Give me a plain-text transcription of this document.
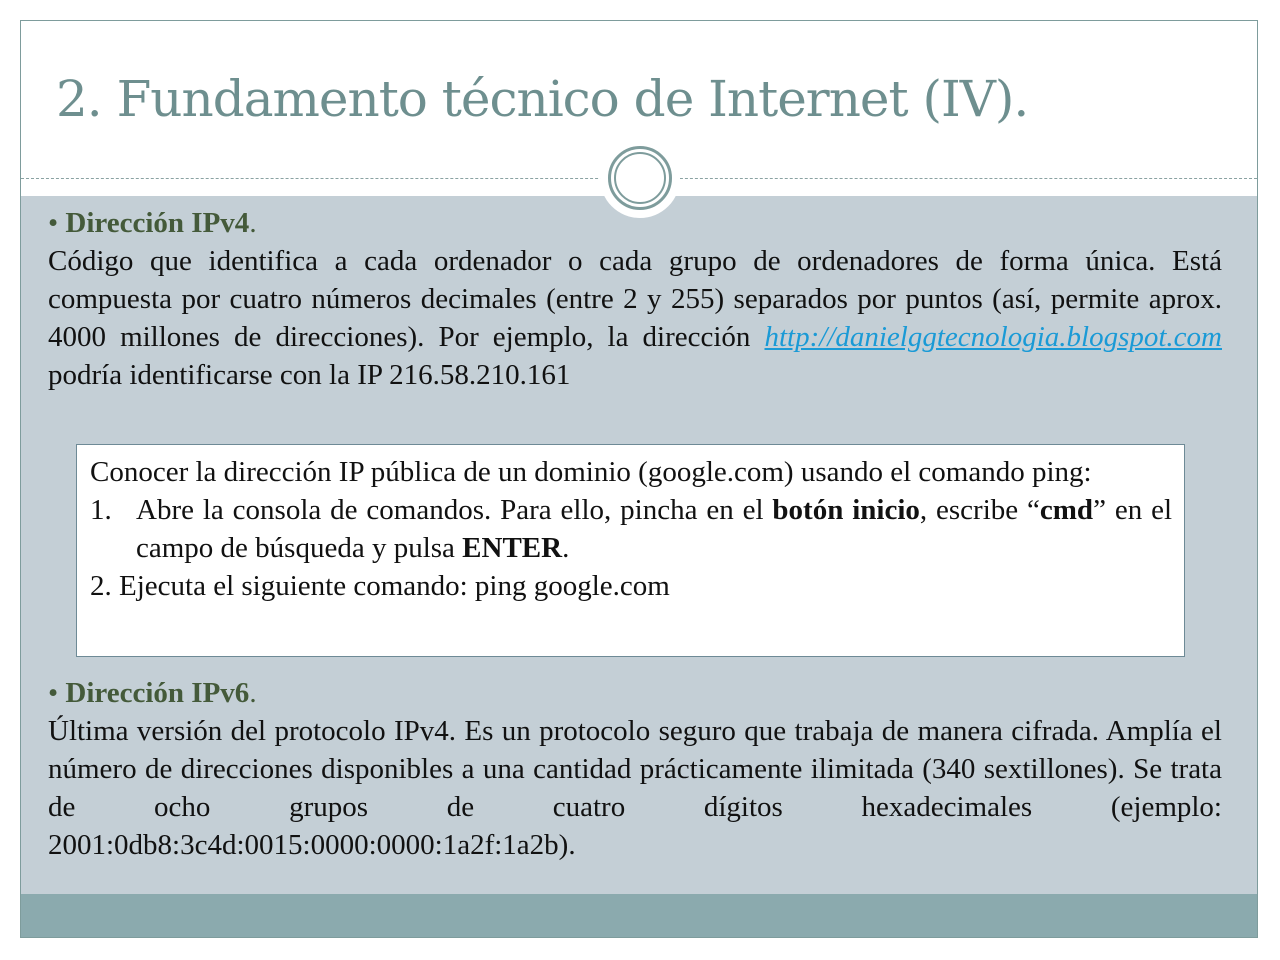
2. Fundamento técnico de Internet (IV).
• Dirección IPv4.
Código que identifica a cada ordenador o cada grupo de ordenadores de forma única. Está compuesta por cuatro números decimales (entre 2 y 255) separados por puntos (así, permite aprox. 4000 millones de direcciones). Por ejemplo, la dirección http://danielggtecnologia.blogspot.com podría identificarse con la IP 216.58.210.161
Conocer la dirección IP pública de un dominio (google.com) usando el comando ping:
1. Abre la consola de comandos. Para ello, pincha en el botón inicio, escribe “cmd” en el campo de búsqueda y pulsa ENTER.
2. Ejecuta el siguiente comando: ping google.com
• Dirección IPv6.
Última versión del protocolo IPv4. Es un protocolo seguro que trabaja de manera cifrada. Amplía el número de direcciones disponibles a una cantidad prácticamente ilimitada (340 sextillones). Se trata de ocho grupos de cuatro dígitos hexadecimales (ejemplo: 2001:0db8:3c4d:0015:0000:0000:1a2f:1a2b).
